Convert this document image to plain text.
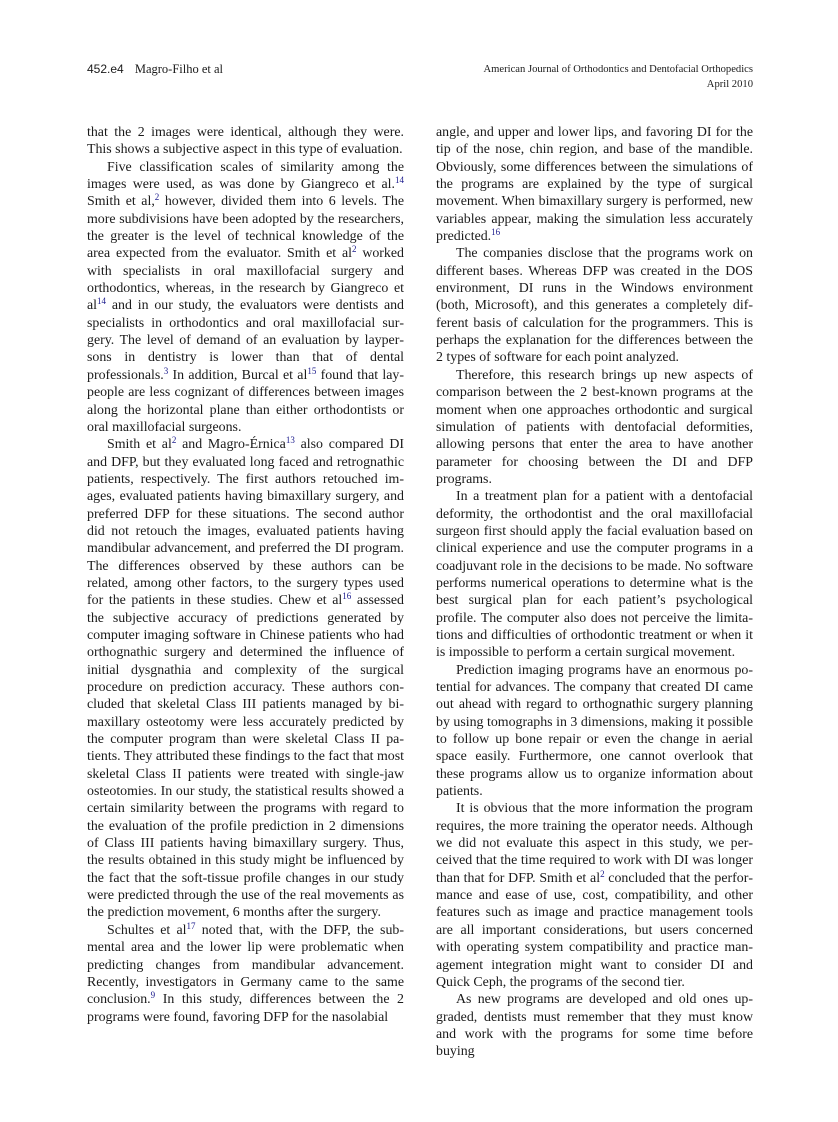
452.e4 Magro-Filho et al	American Journal of Orthodontics and Dentofacial Orthopedics
April 2010

that the 2 images were identical, although they were. This shows a subjective aspect in this type of evaluation.

Five classification scales of similarity among the images were used, as was done by Giangreco et al.$^{14}$ Smith et al,$^2$ however, divided them into 6 levels. The more subdivisions have been adopted by the researchers, the greater is the level of technical knowledge of the area expected from the evaluator. Smith et al$^2$ worked with specialists in oral maxillofacial surgery and orthodontics, whereas, in the research by Giangreco et al$^{14}$ and in our study, the evaluators were dentists and specialists in orthodontics and oral maxillofacial surgery. The level of demand of an evaluation by laypersons in dentistry is lower than that of dental professionals.$^3$ In addition, Burcal et al$^{15}$ found that laypeople are less cognizant of differences between images along the horizontal plane than either orthodontists or oral maxillofacial surgeons.

Smith et al$^2$ and Magro-Érnica$^{13}$ also compared DI and DFP, but they evaluated long faced and retrognathic patients, respectively. The first authors retouched images, evaluated patients having bimaxillary surgery, and preferred DFP for these situations. The second author did not retouch the images, evaluated patients having mandibular advancement, and preferred the DI program. The differences observed by these authors can be related, among other factors, to the surgery types used for the patients in these studies. Chew et al$^{16}$ assessed the subjective accuracy of predictions generated by computer imaging software in Chinese patients who had orthognathic surgery and determined the influence of initial dysgnathia and complexity of the surgical procedure on prediction accuracy. These authors concluded that skeletal Class III patients managed by bimaxillary osteotomy were less accurately predicted by the computer program than were skeletal Class II patients. They attributed these findings to the fact that most skeletal Class II patients were treated with single-jaw osteotomies. In our study, the statistical results showed a certain similarity between the programs with regard to the evaluation of the profile prediction in 2 dimensions of Class III patients having bimaxillary surgery. Thus, the results obtained in this study might be influenced by the fact that the soft-tissue profile changes in our study were predicted through the use of the real movements as the prediction movement, 6 months after the surgery.

Schultes et al$^{17}$ noted that, with the DFP, the submental area and the lower lip were problematic when predicting changes from mandibular advancement. Recently, investigators in Germany came to the same conclusion.$^9$ In this study, differences between the 2 programs were found, favoring DFP for the nasolabial

angle, and upper and lower lips, and favoring DI for the tip of the nose, chin region, and base of the mandible. Obviously, some differences between the simulations of the programs are explained by the type of surgical movement. When bimaxillary surgery is performed, new variables appear, making the simulation less accurately predicted.$^{16}$

The companies disclose that the programs work on different bases. Whereas DFP was created in the DOS environment, DI runs in the Windows environment (both, Microsoft), and this generates a completely different basis of calculation for the programmers. This is perhaps the explanation for the differences between the 2 types of software for each point analyzed.

Therefore, this research brings up new aspects of comparison between the 2 best-known programs at the moment when one approaches orthodontic and surgical simulation of patients with dentofacial deformities, allowing persons that enter the area to have another parameter for choosing between the DI and DFP programs.

In a treatment plan for a patient with a dentofacial deformity, the orthodontist and the oral maxillofacial surgeon first should apply the facial evaluation based on clinical experience and use the computer programs in a coadjuvant role in the decisions to be made. No software performs numerical operations to determine what is the best surgical plan for each patient’s psychological profile. The computer also does not perceive the limitations and difficulties of orthodontic treatment or when it is impossible to perform a certain surgical movement.

Prediction imaging programs have an enormous potential for advances. The company that created DI came out ahead with regard to orthognathic surgery planning by using tomographs in 3 dimensions, making it possible to follow up bone repair or even the change in aerial space easily. Furthermore, one cannot overlook that these programs allow us to organize information about patients.

It is obvious that the more information the program requires, the more training the operator needs. Although we did not evaluate this aspect in this study, we perceived that the time required to work with DI was longer than that for DFP. Smith et al$^2$ concluded that the performance and ease of use, cost, compatibility, and other features such as image and practice management tools are all important considerations, but users concerned with operating system compatibility and practice management integration might want to consider DI and Quick Ceph, the programs of the second tier.

As new programs are developed and old ones upgraded, dentists must remember that they must know and work with the programs for some time before buying
